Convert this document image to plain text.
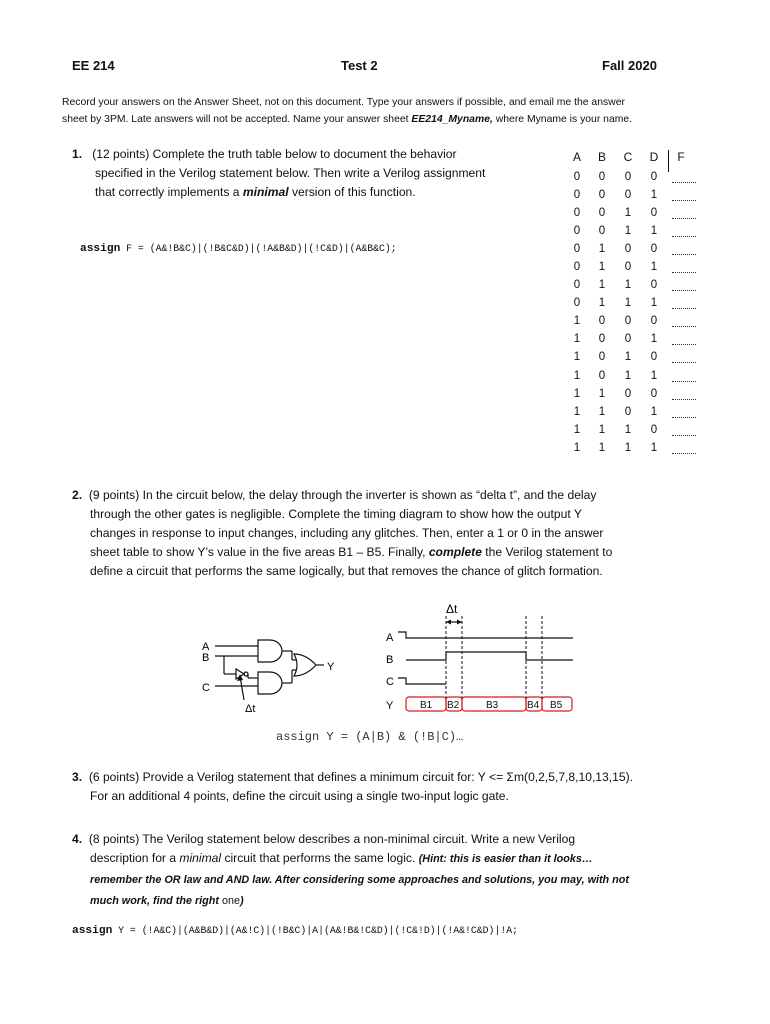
EE 214	Test 2	Fall 2020
Record your answers on the Answer Sheet, not on this document. Type your answers if possible, and email me the answer
sheet by 3PM. Late answers will not be accepted. Name your answer sheet EE214_Myname, where Myname is your name.
1. (12 points) Complete the truth table below to document the behavior
specified in the Verilog statement below. Then write a Verilog assignment
that correctly implements a minimal version of this function.
assign F = (A&!B&C)|(!B&C&D)|(!A&B&D)|(!C&D)|(A&B&C);
A B C D F
0	0	0	0
0	0	0	1
0	0	1	0
0	0	1	1
0	1	0	0
0	1	0	1
0	1	1	0
0	1	1	1
1	0	0	0
1	0	0	1
1	0	1	0
1	0	1	1
1	1	0	0
1	1	0	1
1	1	1	0
1	1	1	1
2. (9 points) In the circuit below, the delay through the inverter is shown as “delta t”, and the delay
through the other gates is negligible. Complete the timing diagram to show how the output Y
changes in response to input changes, including any glitches. Then, enter a 1 or 0 in the answer
sheet table to show Y’s value in the five areas B1 – B5. Finally, complete the Verilog statement to
define a circuit that performs the same logically, but that removes the chance of glitch formation.
A
B
C
Y
Δt
Δt
A
B
C
Y	B1 B2	B3	B4 B5
assign Y = (A|B) & (!B|C)…
3. (6 points) Provide a Verilog statement that defines a minimum circuit for: Y <= Σm(0,2,5,7,8,10,13,15).
For an additional 4 points, define the circuit using a single two-input logic gate.
4. (8 points) The Verilog statement below describes a non-minimal circuit. Write a new Verilog
description for a minimal circuit that performs the same logic. (Hint: this is easier than it looks…
remember the OR law and AND law. After considering some approaches and solutions, you may, with not
much work, find the right one)
assign Y = (!A&C)|(A&B&D)|(A&!C)|(!B&C)|A|(A&!B&!C&D)|(!C&!D)|(!A&!C&D)|!A;
